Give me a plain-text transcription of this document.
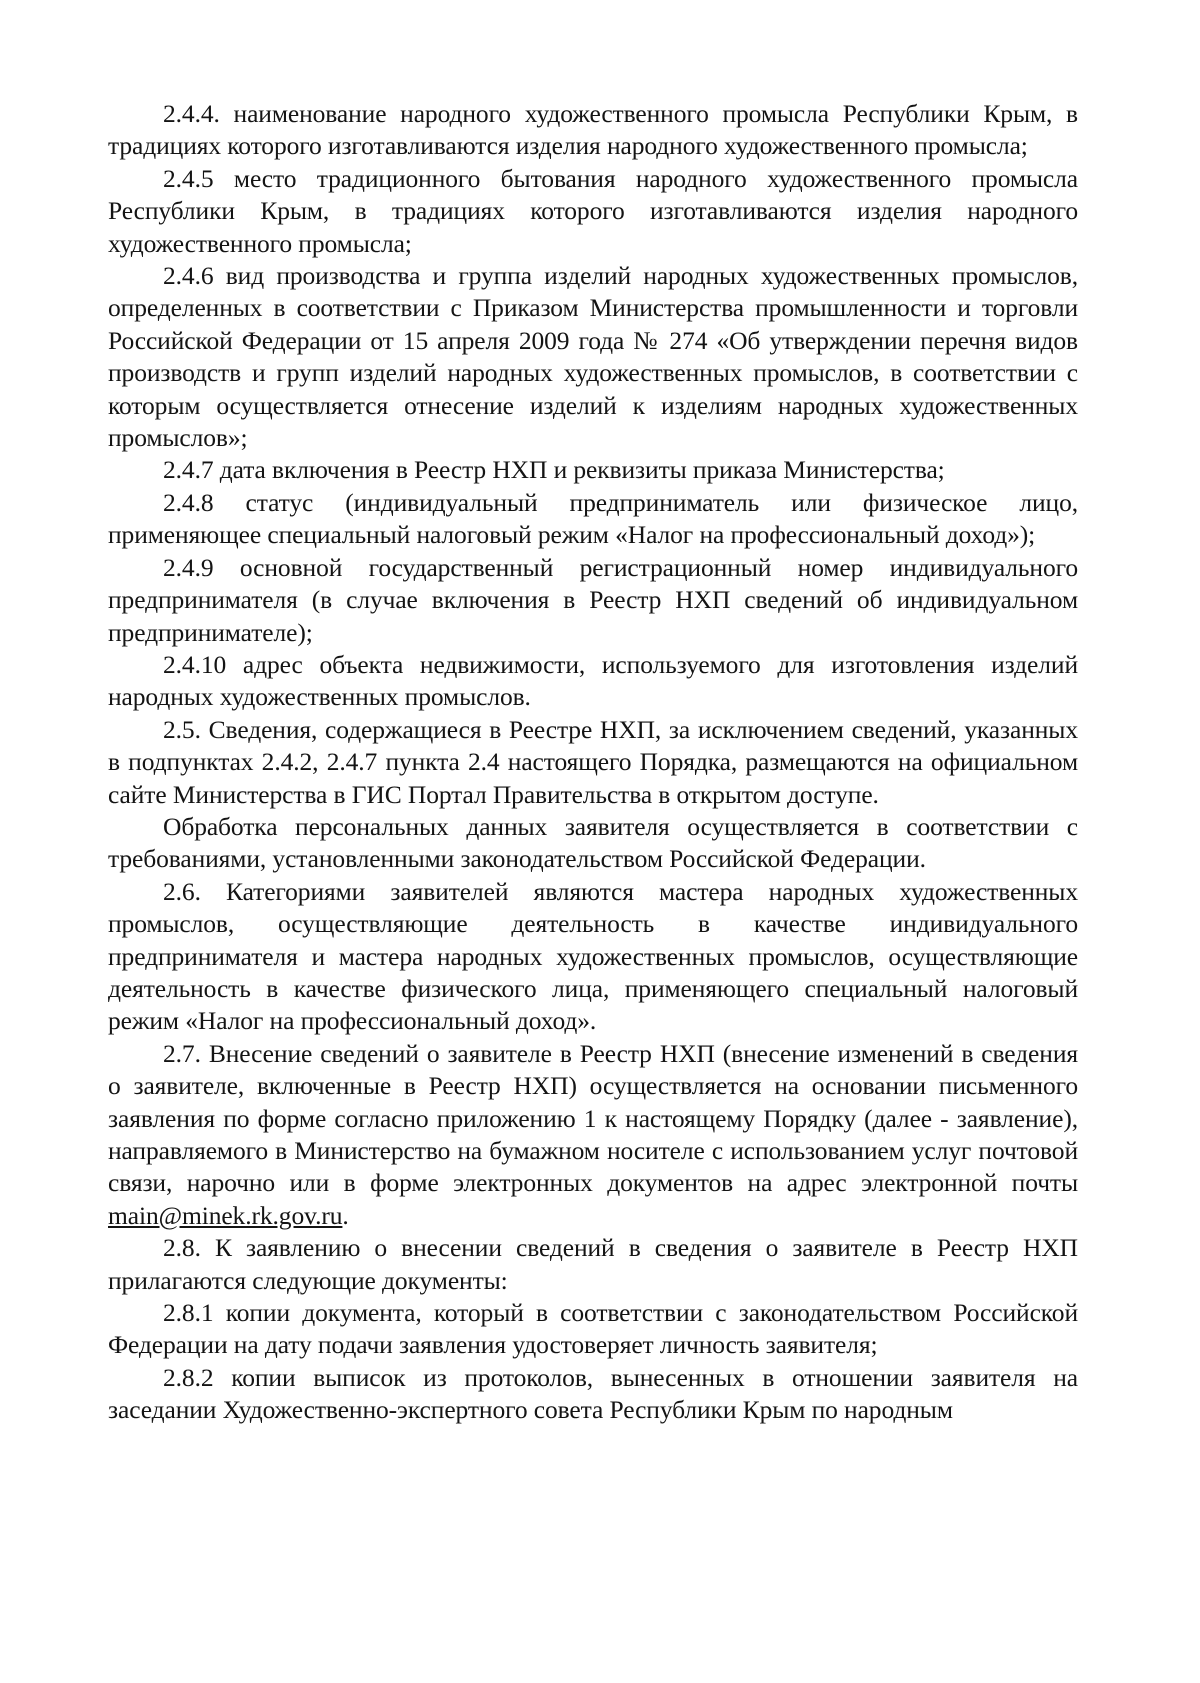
2.4.4. наименование народного художественного промысла Республики Крым, в традициях которого изготавливаются изделия народного художественного промысла;

2.4.5 место традиционного бытования народного художественного промысла Республики Крым, в традициях которого изготавливаются изделия народного художественного промысла;

2.4.6 вид производства и группа изделий народных художественных промыслов, определенных в соответствии с Приказом Министерства промышленности и торговли Российской Федерации от 15 апреля 2009 года № 274 «Об утверждении перечня видов производств и групп изделий народных художественных промыслов, в соответствии с которым осуществляется отнесение изделий к изделиям народных художественных промыслов»;

2.4.7 дата включения в Реестр НХП и реквизиты приказа Министерства;

2.4.8 статус (индивидуальный предприниматель или физическое лицо, применяющее специальный налоговый режим «Налог на профессиональный доход»);

2.4.9 основной государственный регистрационный номер индивидуального предпринимателя (в случае включения в Реестр НХП сведений об индивидуальном предпринимателе);

2.4.10 адрес объекта недвижимости, используемого для изготовления изделий народных художественных промыслов.

2.5. Сведения, содержащиеся в Реестре НХП, за исключением сведений, указанных в подпунктах 2.4.2, 2.4.7 пункта 2.4 настоящего Порядка, размещаются на официальном сайте Министерства в ГИС Портал Правительства в открытом доступе.

Обработка персональных данных заявителя осуществляется в соответствии с требованиями, установленными законодательством Российской Федерации.

2.6. Категориями заявителей являются мастера народных художественных промыслов, осуществляющие деятельность в качестве индивидуального предпринимателя и мастера народных художественных промыслов, осуществляющие деятельность в качестве физического лица, применяющего специальный налоговый режим «Налог на профессиональный доход».

2.7. Внесение сведений о заявителе в Реестр НХП (внесение изменений в сведения о заявителе, включенные в Реестр НХП) осуществляется на основании письменного заявления по форме согласно приложению 1 к настоящему Порядку (далее - заявление), направляемого в Министерство на бумажном носителе с использованием услуг почтовой связи, нарочно или в форме электронных документов на адрес электронной почты main@minek.rk.gov.ru.

2.8. К заявлению о внесении сведений в сведения о заявителе в Реестр НХП прилагаются следующие документы:

2.8.1 копии документа, который в соответствии с законодательством Российской Федерации на дату подачи заявления удостоверяет личность заявителя;

2.8.2 копии выписок из протоколов, вынесенных в отношении заявителя на заседании Художественно-экспертного совета Республики Крым по народным
